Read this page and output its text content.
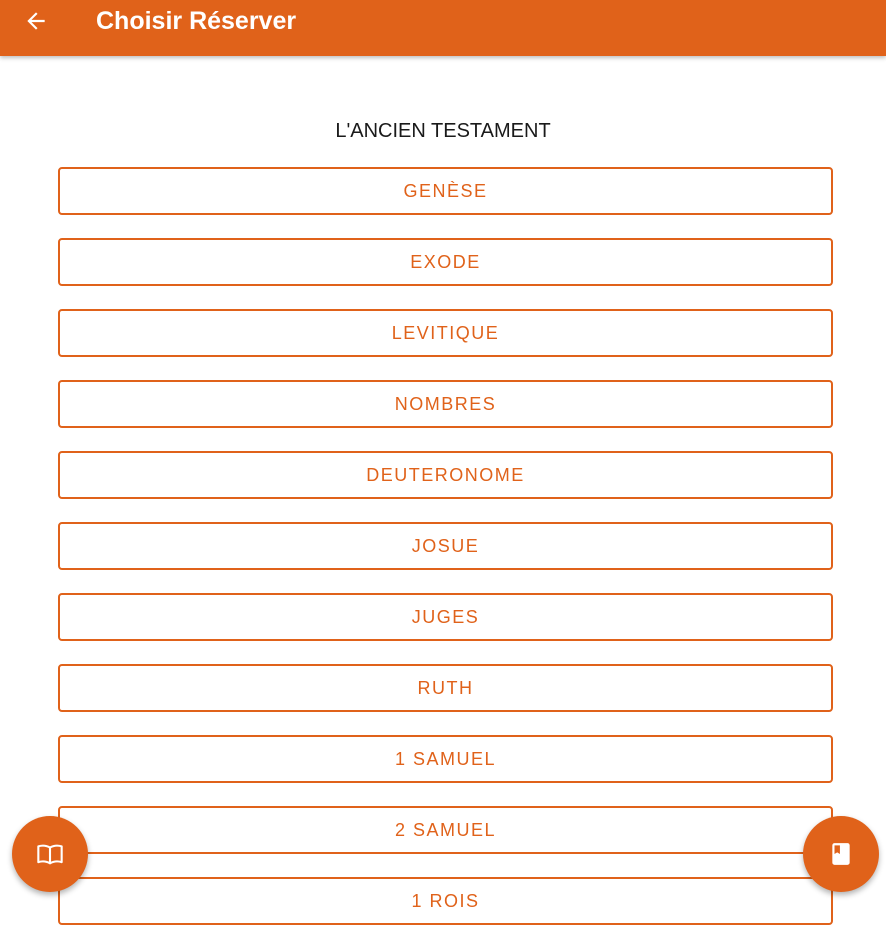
Choisir Réserver
L'ANCIEN TESTAMENT
GENÈSE
EXODE
LEVITIQUE
NOMBRES
DEUTERONOME
JOSUE
JUGES
RUTH
1 SAMUEL
2 SAMUEL
1 ROIS
